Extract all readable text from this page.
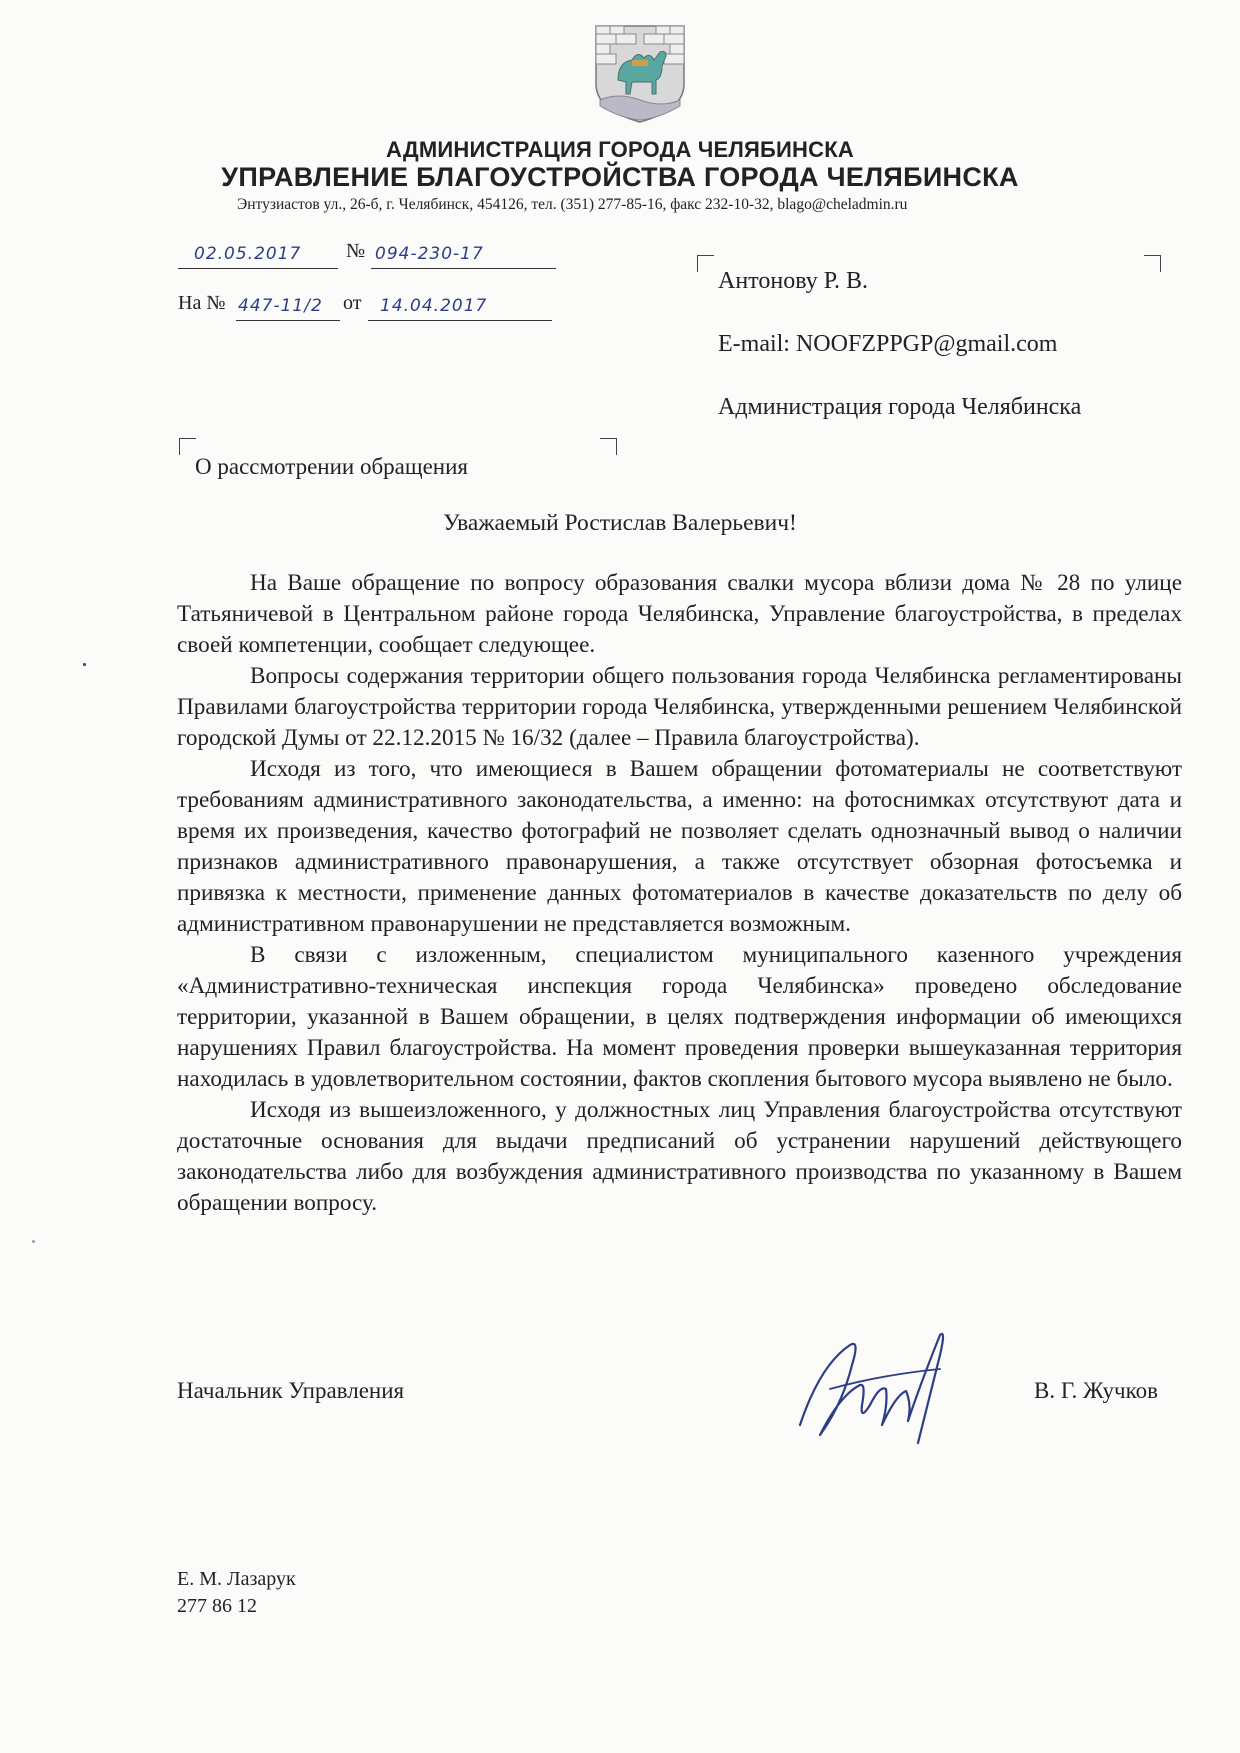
АДМИНИСТРАЦИЯ ГОРОДА ЧЕЛЯБИНСКА
УПРАВЛЕНИЕ БЛАГОУСТРОЙСТВА ГОРОДА ЧЕЛЯБИНСКА
Энтузиастов ул., 26-б, г. Челябинск, 454126, тел. (351) 277-85-16, факс 232-10-32, blago@cheladmin.ru
02.05.2017 № 094-230-17
На № 447-11/2 от 14.04.2017
Антонову Р. В.
E-mail: NOOFZPPGP@gmail.com
Администрация города Челябинска
О рассмотрении обращения
Уважаемый Ростислав Валерьевич!

На Ваше обращение по вопросу образования свалки мусора вблизи дома № 28 по улице Татьяничевой в Центральном районе города Челябинска, Управление благоустройства, в пределах своей компетенции, сообщает следующее.

Вопросы содержания территории общего пользования города Челябинска регламентированы Правилами благоустройства территории города Челябинска, утвержденными решением Челябинской городской Думы от 22.12.2015 № 16/32 (далее – Правила благоустройства).

Исходя из того, что имеющиеся в Вашем обращении фотоматериалы не соответствуют требованиям административного законодательства, а именно: на фотоснимках отсутствуют дата и время их произведения, качество фотографий не позволяет сделать однозначный вывод о наличии признаков административного правонарушения, а также отсутствует обзорная фотосъемка и привязка к местности, применение данных фотоматериалов в качестве доказательств по делу об административном правонарушении не представляется возможным.

В связи с изложенным, специалистом муниципального казенного учреждения «Административно-техническая инспекция города Челябинска» проведено обследование территории, указанной в Вашем обращении, в целях подтверждения информации об имеющихся нарушениях Правил благоустройства. На момент проведения проверки вышеуказанная территория находилась в удовлетворительном состоянии, фактов скопления бытового мусора выявлено не было.

Исходя из вышеизложенного, у должностных лиц Управления благоустройства отсутствуют достаточные основания для выдачи предписаний об устранении нарушений действующего законодательства либо для возбуждения административного производства по указанному в Вашем обращении вопросу.

Начальник Управления	В. Г. Жучков
Е. М. Лазарук
277 86 12
